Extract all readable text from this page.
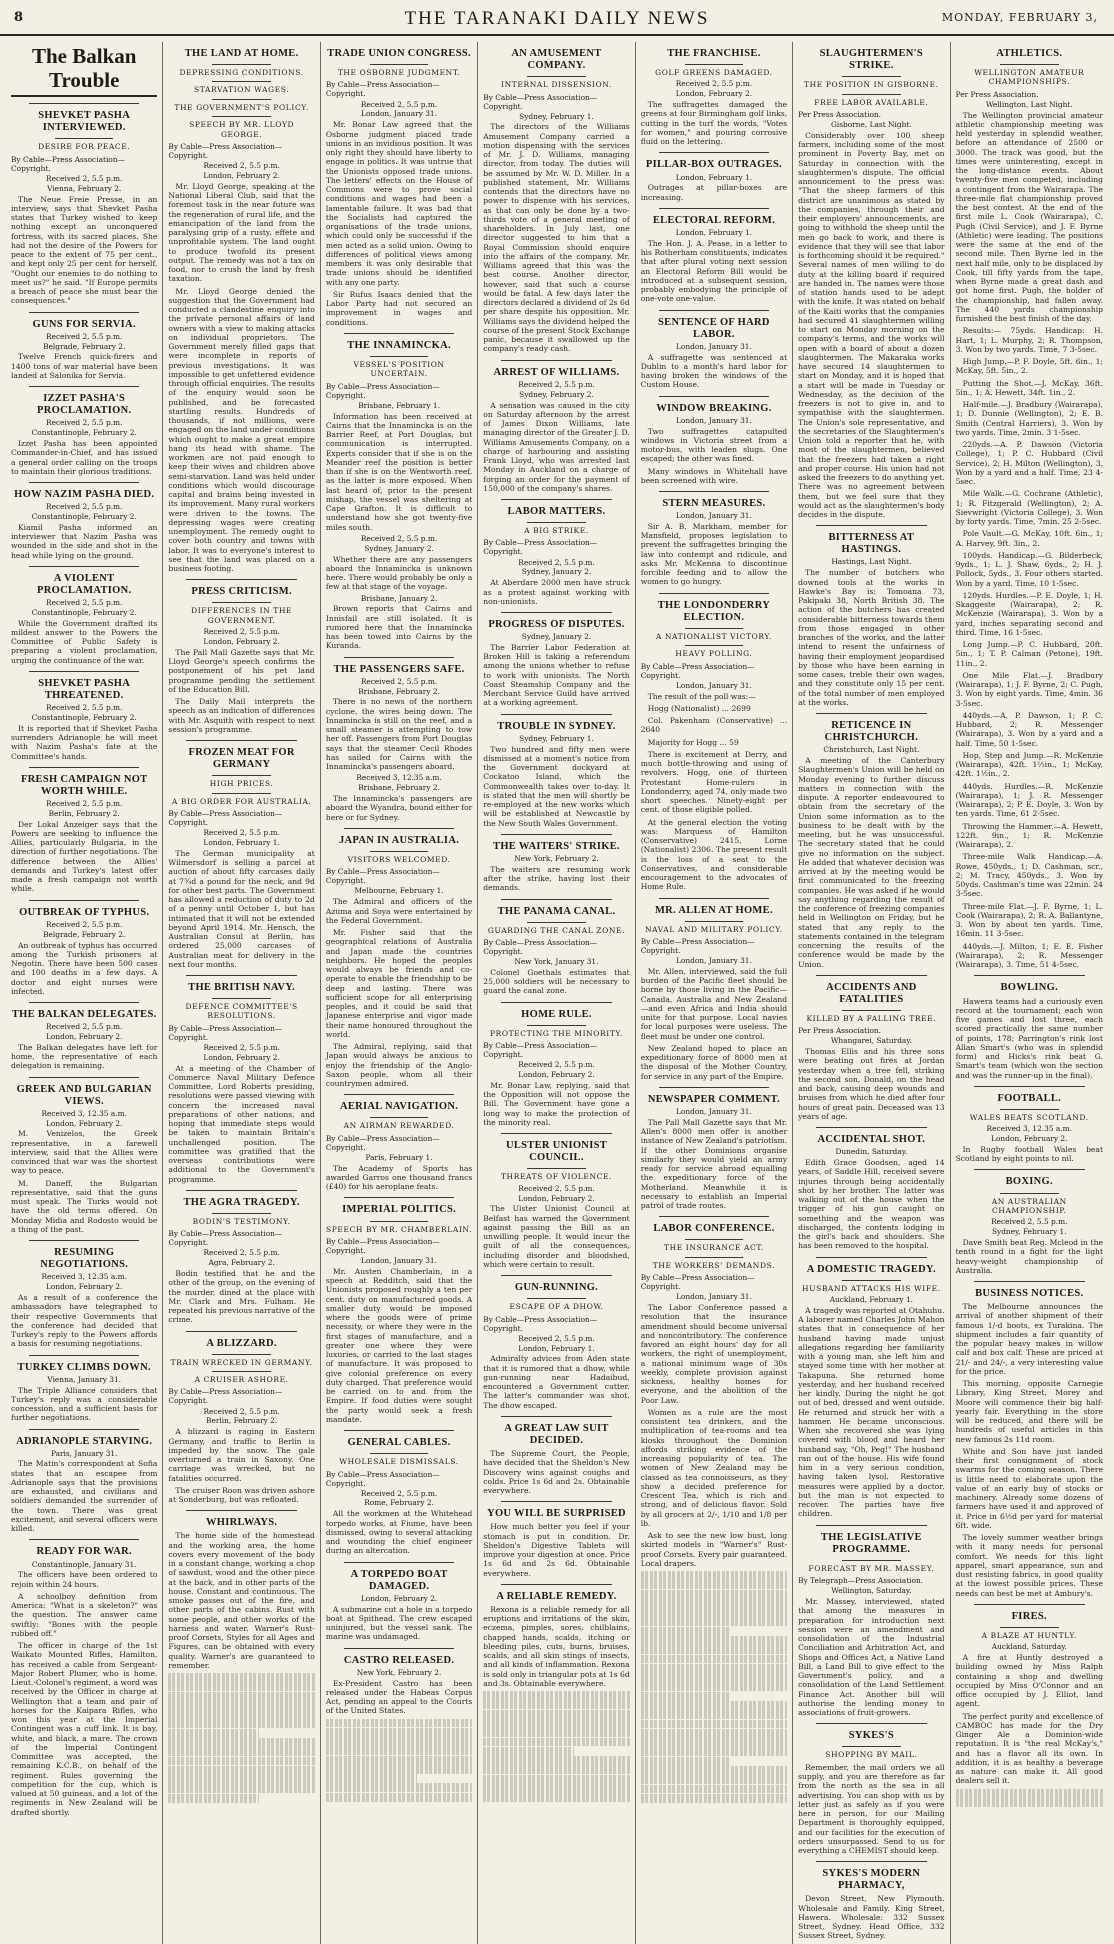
8	THE TARANAKI DAILY NEWS	MONDAY, FEBRUARY 3,
The Balkan Trouble
SHEVKET PASHA INTERVIEWED.
DESIRE FOR PEACE.
By Cable—Press Association—Copyright.
Received 2, 5.5 p.m.
Vienna, February 2.

The Neue Freie Presse, in an interview, says that Shevket Pasha states that Turkey wished to keep nothing except an unconquered fortress, with its sacred places. She had not the desire of the Powers for peace to the extent of 75 per cent., and kept only 25 per cent for herself. "Ought our enemies to do nothing to meet us?" he said. "If Europe permits a breach of peace she must bear the consequences."

GUNS FOR SERVIA.
Received 2, 5.5 p.m.
Belgrade, February 2.

Twelve French quick-firers and 1400 tons of war material have been landed at Salonika for Servia.

IZZET PASHA'S PROCLAMATION.
Received 2, 5.5 p.m.
Constantinople, February 2.

Izzet Pasha has been appointed Commander-in-Chief, and has issued a general order calling on the troops to maintain their glorious traditions.

HOW NAZIM PASHA DIED.
Received 2, 5.5 p.m.
Constantinople, February 2.

Kiamil Pasha informed an interviewer that Nazim Pasha was wounded in the side and shot in the head while lying on the ground.

A VIOLENT PROCLAMATION.
Received 2, 5.5 p.m.
Constantinople, February 2.

While the Government drafted its mildest answer to the Powers the Committee of Public Safety is preparing a violent proclamation, urging the continuance of the war.

SHEVKET PASHA THREATENED.
Received 2, 5.5 p.m.
Constantinople, February 2.

It is reported that if Shevket Pasha surrenders Adrianople he will meet with Nazim Pasha's fate at the Committee's hands.

FRESH CAMPAIGN NOT WORTH WHILE.
Received 2, 5.5 p.m.
Berlin, February 2.

Der Lokal Anzeiger says that the Powers are seeking to influence the Allies, particularly Bulgaria, in the direction of further negotiations. The difference between the Allies' demands and Turkey's latest offer made a fresh campaign not worth while.

OUTBREAK OF TYPHUS.
Received 2, 5.5 p.m.
Belgrade, February 2.

An outbreak of typhus has occurred among the Turkish prisoners at Negotin. There have been 500 cases and 100 deaths in a few days. A doctor and eight nurses were infected.

THE BALKAN DELEGATES.
Received 2, 5.5 p.m.
London, February 2.

The Balkan delegates have left for home, the representative of each delegation is remaining.

GREEK AND BULGARIAN VIEWS.
Received 3, 12.35 a.m.
London, February 2.

M. Venizelos, the Greek representative, in a farewell interview, said that the Allies were convinced that war was the shortest way to peace.

M. Daneff, the Bulgarian representative, said that the guns must speak. The Turks would not have the old terms offered. On Monday Midia and Rodosto would be a thing of the past.

RESUMING NEGOTIATIONS.
Received 3, 12.35 a.m.
London, February 2.

As a result of a conference the ambassadors have telegraphed to their respective Governments that the conference had decided that Turkey's reply to the Powers affords a basis for resuming negotiations.

TURKEY CLIMBS DOWN.
Vienna, January 31.

The Triple Alliance considers that Turkey's reply was a considerable concession, and a sufficient basis for further negotiations.

ADRIANOPLE STARVING.
Paris, January 31.

The Matin's correspondent at Sofia states that an escapee from Adrianople says that the provisions are exhausted, and civilians and soldiers demanded the surrender of the town. There was great excitement, and several officers were killed.

READY FOR WAR.
Constantinople, January 31.

The officers have been ordered to rejoin within 24 hours.

A schoolboy definition from America: "What is a skeleton?" was the question. The answer came swiftly: "Bones with the people rubbed off."

The officer in charge of the 1st Waikato Mounted Rifles, Hamilton, has received a cable from Sergeant-Major Robert Plumer, who is home. Lieut.-Colonel's regiment, a word was received by the Officer in charge at Wellington that a team and pair of horses for the Kaipara Rifles, who won this year at the Imperial Contingent was a cuff link. It is bay, white, and black, a mare. The crown of the Imperial Contingent Committee was accepted, the remaining K.C.B., on behalf of the regiment. Rules governing the competition for the cup, which is valued at 50 guineas, and a lot of the regiments in New Zealand will be drafted shortly.

THE LAND AT HOME.
DEPRESSING CONDITIONS.
STARVATION WAGES.
THE GOVERNMENT'S POLICY.
SPEECH BY MR. LLOYD GEORGE.
By Cable—Press Association—Copyright.
Received 2, 5.5 p.m.
London, February 2.

Mr. Lloyd George, speaking at the National Liberal Club, said that the foremost task in the near future was the regeneration of rural life, and the emancipation of the land from the paralysing grip of a rusty, effete and unprofitable system. The land ought to produce twofold its present output. The remedy was not a tax on food, nor to crush the land by fresh taxation.

Mr. Lloyd George denied the suggestion that the Government had conducted a clandestine enquiry into the private personal affairs of land owners with a view to making attacks on individual proprietors. The Government merely filled gaps that were incomplete in reports of previous investigations. It was impossible to get unfettered evidence through official enquiries. The results of the enquiry would soon be published, and be forecasted startling results. Hundreds of thousands, if not millions, were engaged on the land under conditions which ought to make a great empire hang its head with shame. The workmen are not paid enough to keep their wives and children above semi-starvation. Land was held under conditions which would discourage capital and brains being invested in its improvement. Many rural workers were driven to the towns. The depressing wages were creating unemployment. The remedy ought to cover both country and towns with labor. It was to everyone's interest to see that the land was placed on a business footing.

PRESS CRITICISM.
DIFFERENCES IN THE GOVERNMENT.
Received 2, 5.5 p.m.
London, February 2.

The Pall Mall Gazette says that Mr. Lloyd George's speech confirms the postponement of his pet land programme pending the settlement of the Education Bill.

The Daily Mail interprets the speech as an indication of differences with Mr. Asquith with respect to next session's programme.

FROZEN MEAT FOR GERMANY
HIGH PRICES.
A BIG ORDER FOR AUSTRALIA.
By Cable—Press Association—Copyright.
Received 2, 5.5 p.m.
London, February 1.

The German municipality at Wilmersdorf is selling a parcel at auction of about fifty carcases daily at 7¾d a pound for the neck, and 9d for other best parts. The Government has allowed a reduction of duty to 2d of a penny until October 1, but has intimated that it will not be extended beyond April 1914. Mr. Hensch, the Australian Consul at Berlin, has ordered 25,000 carcases of Australian meat for delivery in the next four months.

THE BRITISH NAVY.
DEFENCE COMMITTEE'S RESOLUTIONS.
By Cable—Press Association—Copyright.
Received 2, 5.5 p.m.
London, February 2.

At a meeting of the Chamber of Commerce Naval Military Defence Committee, Lord Roberts presiding, resolutions were passed viewing with concern the increased naval preparations of other nations, and hoping that immediate steps would be taken to maintain Britain's unchallenged position. The committee was gratified that the overseas contributions were additional to the Government's programme.

THE AGRA TRAGEDY.
BODIN'S TESTIMONY.
By Cable—Press Association—Copyright.
Received 2, 5.5 p.m.
Agra, February 2.

Bodin testified that he and the other of the group, on the evening of the murder, dined at the place with Mr. Clark and Mrs. Fulham. He repeated his previous narrative of the crime.

A BLIZZARD.
TRAIN WRECKED IN GERMANY.
A CRUISER ASHORE.
By Cable—Press Association—Copyright.
Received 2, 5.5 p.m.
Berlin, February 2.

A blizzard is raging in Eastern Germany, and traffic to Berlin is impeded by the snow. The gale overturned a train in Saxony. One carriage was wrecked, but no fatalities occurred.

The cruiser Roon was driven ashore at Sonderburg, but was refloated.

WHIRLWAYS.

The home side of the homestead and the working area, the home covers every movement of the body in a constant change, working a chop of sawdust, wood and the other piece at the back, and in other parts of the house. Constant and continuous. The smoke passes out of the fire, and other parts of the cabins. Rust with some people, and other works of the harness and water. Warner's Rust-proof Corsets, Styles for all Ages and Figures, can be obtained with every quality. Warner's are guaranteed to remember.

TRADE UNION CONGRESS.
THE OSBORNE JUDGMENT.
By Cable—Press Association—Copyright.
Received 2, 5.5 p.m.
London, January 31.

Mr. Bonar Law agreed that the Osborne judgment placed trade unions in an invidious position. It was only right they should have liberty to engage in politics. It was untrue that the Unionists opposed trade unions. The letters' effects on the House of Commons were to prove social conditions and wages had been a lamentable failure. It was bad that the Socialists had captured the organisations of the trade unions, which could only be successful if the men acted as a solid union. Owing to differences of political views among members it was only desirable that trade unions should be identified with any one party.

Sir Rufus Isaacs denied that the Labor Party had not secured an improvement in wages and conditions.

THE INNAMINCKA.
VESSEL'S POSITION UNCERTAIN.
By Cable—Press Association—Copyright.
Brisbane, February 1.

Information has been received at Cairns that the Innamincka is on the Barrier Reef, at Port Douglas, but communication is interrupted. Experts consider that if she is on the Meander reef the position is better than if she is on the Wentworth reef, as the latter is more exposed. When last heard of, prior to the present mishap, the vessel was sheltering at Cape Grafton. It is difficult to understand how she got twenty-five miles south.

Received 2, 5.5 p.m.
Sydney, January 2.

Whether there are any passengers aboard the Innamincka is unknown here. There would probably be only a few at that stage of the voyage.

Brisbane, January 2.

Brown reports that Cairns and Innisfail are still isolated. It is rumored here that the Innamincka has been towed into Cairns by the Kuranda.

THE PASSENGERS SAFE.
Received 2, 5.5 p.m.
Brisbane, February 2.

There is no news of the northern cyclone, the wires being down. The Innamincka is still on the reef, and a small steamer is attempting to tow her off. Passengers from Port Douglas says that the steamer Cecil Rhodes has sailed for Cairns with the Innamincka's passengers aboard.

Received 3, 12.35 a.m.
Brisbane, February 2.

The Innamincka's passengers are aboard the Wyandra, bound either for here or for Sydney.

JAPAN IN AUSTRALIA.
VISITORS WELCOMED.
By Cable—Press Association—Copyright.
Melbourne, February 1.

The Admiral and officers of the Azuma and Soya were entertained by the Federal Government.

Mr. Fisher said that the geographical relations of Australia and Japan made the countries neighbors. He hoped the peoples would always be friends and co-operate to enable the friendship to be deep and lasting. There was sufficient scope for all enterprising peoples, and it could be said that Japanese enterprise and vigor made their name honoured throughout the world.

The Admiral, replying, said that Japan would always be anxious to enjoy the friendship of the Anglo-Saxon people, whom all their countrymen admired.

AERIAL NAVIGATION.
AN AIRMAN REWARDED.
By Cable—Press Association—Copyright.
Paris, February 1.

The Academy of Sports has awarded Garros one thousand francs (£40) for his aeroplane feats.

IMPERIAL POLITICS.
SPEECH BY MR. CHAMBERLAIN.
By Cable—Press Association—Copyright.
London, January 31.

Mr. Austen Chamberlain, in a speech at Redditch, said that the Unionists proposed roughly a ten per cent. duty on manufactured goods. A smaller duty would be imposed where the goods were of prime necessity, or where they were in the first stages of manufacture, and a greater one where they were luxuries, or carried to the last stages of manufacture. It was proposed to give colonial preference on every duty charged. That preference would be carried on to and from the Empire. If food duties were sought the party would seek a fresh mandate.

GENERAL CABLES.
WHOLESALE DISMISSALS.
By Cable—Press Association—Copyright.
Received 2, 5.5 p.m.
Rome, February 2.

All the workmen at the Whitehead torpedo works, at Fiume, have been dismissed, owing to several attacking and wounding the chief engineer during an altercation.

A TORPEDO BOAT DAMAGED.
London, February 2.

A submarine cut a hole in a torpedo boat at Spithead. The crew escaped uninjured, but the vessel sank. The marine was undamaged.

CASTRO RELEASED.
New York, February 2.

Ex-President Castro has been released under the Habeas Corpus Act, pending an appeal to the Courts of the United States.

AN AMUSEMENT COMPANY.
INTERNAL DISSENSION.
By Cable—Press Association—Copyright.
Sydney, February 1.

The directors of the Williams Amusement Company carried a motion dispensing with the services of Mr. J. D. Williams, managing director, from today. The duties will be assumed by Mr. W. D. Miller. In a published statement, Mr. Williams contends that the directors have no power to dispense with his services, as that can only be done by a two-thirds vote of a general meeting of shareholders. In July last, one director suggested to him that a Royal Commission should enquire into the affairs of the company. Mr. Williams agreed that this was the best course. Another director, however, said that such a course would be fatal. A few days later the directors declared a dividend of 2s 6d per share despite his opposition. Mr. Williams says the dividend helped the course of the present Stock Exchange panic, because it swallowed up the company's ready cash.

ARREST OF WILLIAMS.
Received 2, 5.5 p.m.
Sydney, February 2.

A sensation was caused in the city on Saturday afternoon by the arrest of James Dixon Williams, late managing director of the Greater J. D. Williams Amusements Company, on a charge of harbouring and assisting Frank Lloyd, who was arrested last Monday in Auckland on a charge of forging an order for the payment of 150,000 of the company's shares.

LABOR MATTERS.
A BIG STRIKE.
By Cable—Press Association—Copyright.
Received 2, 5.5 p.m.
Sydney, January 2.

At Aberdare 2000 men have struck as a protest against working with non-unionists.

PROGRESS OF DISPUTES.
Sydney, January 2.

The Barrier Labor Federation at Broken Hill is taking a referendum among the unions whether to refuse to work with unionists. The North Coast Steamship Company and the Merchant Service Guild have arrived at a working agreement.

TROUBLE IN SYDNEY.
Sydney, February 1.

Two hundred and fifty men were dismissed at a moment's notice from the Government dockyard at Cockatoo Island, which the Commonwealth takes over to-day. It is stated that the men will shortly be re-employed at the new works which will be established at Newcastle by the New South Wales Government.

THE WAITERS' STRIKE.
New York, February 2.

The waiters are resuming work after the strike, having lost their demands.

THE PANAMA CANAL.
GUARDING THE CANAL ZONE.
By Cable—Press Association—Copyright.
New York, January 31.

Colonel Goethals estimates that 25,000 soldiers will be necessary to guard the canal zone.

HOME RULE.
PROTECTING THE MINORITY.
By Cable—Press Association—Copyright.
Received 2, 5.5 p.m.
London, February 2.

Mr. Bonar Law, replying, said that the Opposition will not oppose the Bill. The Government have gone a long way to make the protection of the minority real.

ULSTER UNIONIST COUNCIL.
THREATS OF VIOLENCE.
Received 2, 5.5 p.m.
London, February 2.

The Ulster Unionist Council at Belfast has warned the Government against passing the Bill as an unwilling people. It would incur the guilt of all the consequences, including disorder and bloodshed, which were certain to result.

GUN-RUNNING.
ESCAPE OF A DHOW.
By Cable—Press Association—Copyright.
Received 2, 5.5 p.m.
London, February 1.

Admiralty advices from Aden state that it is rumored that a dhow, while gun-running near Hadaibud, encountered a Government cutter. The latter's commander was shot. The dhow escaped.

A GREAT LAW SUIT DECIDED.

The Supreme Court, the People, have decided that the Sheldon's New Discovery wins against coughs and colds. Price 1s 6d and 2s. Obtainable everywhere.

YOU WILL BE SURPRISED

How much better you feel if your stomach is put in condition. Dr. Sheldon's Digestive Tablets will improve your digestion at once. Price 1s 6d and 2s 6d. Obtainable everywhere.

A RELIABLE REMEDY.

Rexona is a reliable remedy for all eruptions and irritations of the skin, eczema, pimples, sores, chilblains, chapped hands, scalds, itching or bleeding piles, cuts, burns, bruises, scalds, and all skin stings of insects, and all kinds of inflammation. Rexona is sold only in triangular pots at 1s 6d and 3s. Obtainable everywhere.

THE FRANCHISE.
GOLF GREENS DAMAGED.
Received 2, 5.5 p.m.
London, February 2.

The suffragettes damaged the greens at four Birmingham golf links, cutting in the turf the words, "Votes for women," and pouring corrosive fluid on the lettering.

PILLAR-BOX OUTRAGES.
London, February 1.

Outrages at pillar-boxes are increasing.

ELECTORAL REFORM.
London, February 1.

The Hon. J. A. Pease, in a letter to his Rotherham constituents, indicates that after plural voting next session an Electoral Reform Bill would be introduced at a subsequent session, probably embodying the principle of one-vote one-value.

SENTENCE OF HARD LABOR.
London, January 31.

A suffragette was sentenced at Dublin to a month's hard labor for having broken the windows of the Custom House.

WINDOW BREAKING.
London, January 31.

Two suffragettes catapulted windows in Victoria street from a motor-bus, with leaden slugs. One escaped; the other was fined.

Many windows in Whitehall have been screened with wire.

STERN MEASURES.
London, January 31.

Sir A. B. Markham, member for Mansfield, proposes legislation to prevent the suffragettes bringing the law into contempt and ridicule, and asks Mr. McKenna to discontinue forcible feeding and to allow the women to go hungry.

THE LONDONDERRY ELECTION.
A NATIONALIST VICTORY.
HEAVY POLLING.
By Cable—Press Association—Copyright.
London, January 31.

The result of the poll was:—

Hogg (Nationalist) ... 2699

Col. Pakenham (Conservative) ... 2640

Majority for Hogg ... 59

There is excitement at Derry, and much bottle-throwing and using of revolvers. Hogg, one of thirteen Protestant Home-rulers in Londonderry, aged 74, only made two short speeches. Ninety-eight per cent. of those eligible polled.

At the general election the voting was: Marquess of Hamilton (Conservative) 2415, Lorne (Nationalist) 2306. The present result is the loss of a seat to the Conservatives, and considerable encouragement to the advocates of Home Rule.

MR. ALLEN AT HOME.
NAVAL AND MILITARY POLICY.
By Cable—Press Association—Copyright.
London, January 31.

Mr. Allen, interviewed, said the full burden of the Pacific fleet should be borne by those living in the Pacific—Canada, Australia and New Zealand—and even Africa and India should unite for that purpose. Local navies for local purposes were useless. The fleet must be under one control.

New Zealand hoped to place an expeditionary force of 8000 men at the disposal of the Mother Country, for service in any part of the Empire.

NEWSPAPER COMMENT.
London, January 31.

The Pall Mall Gazette says that Mr. Allen's 8000 men offer is another instance of New Zealand's patriotism. If the other Dominions organise similarly they would yield an army ready for service abroad equalling the expeditionary force of the Motherland. Meanwhile it is necessary to establish an Imperial patrol of trade routes.

LABOR CONFERENCE.
THE INSURANCE ACT.
THE WORKERS' DEMANDS.
By Cable—Press Association—Copyright.
London, January 31.

The Labor Conference passed a resolution that the insurance amendment should become universal and noncontributory. The conference favored an eight hours' day for all workers, the right of unemployment, a national minimum wage of 30s weekly, complete provision against sickness, healthy homes for everyone, and the abolition of the Poor Law.

Women as a rule are the most consistent tea drinkers, and the multiplication of tea-rooms and tea kiosks throughout the Dominion affords striking evidence of the increasing popularity of tea. The women of New Zealand may be classed as tea connoisseurs, as they show a decided preference for Crescent Tea, which is rich and strong, and of delicious flavor. Sold by all grocers at 2/-, 1/10 and 1/8 per lb.

Ask to see the new low bust, long skirted models in "Warner's" Rust-proof Corsets. Every pair guaranteed. Local drapers.

SLAUGHTERMEN'S STRIKE.
THE POSITION IN GISBORNE.
FREE LABOR AVAILABLE.
Per Press Association.
Gisborne, Last Night.

Considerably over 100 sheep farmers, including some of the most prominent in Poverty Bay, met on Saturday in connection with the slaughtermen's dispute. The official announcement to the press was: "That the sheep farmers of this district are unanimous as stated by the companies, through their and their employers' announcements, are going to withhold the sheep until the men go back to work, and there is evidence that they will see that labor is forthcoming should it be required." Several names of men willing to do duty at the killing board if required are handed in. The names were those of station hands used to be adept with the knife. It was stated on behalf of the Kaiti works that the companies had secured 41 slaughtermen willing to start on Monday morning on the company's terms, and the works will open with a board of about a dozen slaughtermen. The Makaraka works have secured 14 slaughtermen to start on Monday, and it is hoped that a start will be made in Tuesday or Wednesday, as the decision of the freezers is not to give in, and to sympathise with the slaughtermen. The Union's sole representative, and the secretaries of the Slaughtermen's Union told a reporter that he, with most of the slaughtermen, believed that the freezers had taken a right and proper course. His union had not asked the freezers to do anything yet. There was no agreement between them, but we feel sure that they would act as the slaughtermen's body decides in the dispute.

BITTERNESS AT HASTINGS.
Hastings, Last Night.

The number of butchers who downed tools at the works in Hawke's Bay is: Tomoana 73, Pakipaki 38, North British 38. The action of the butchers has created considerable bitterness towards them from those engaged in other branches of the works, and the latter intend to resent the unfairness of having their employment jeopardised by those who have been earning in some cases, treble their own wages, and they constitute only 15 per cent. of the total number of men employed at the works.

RETICENCE IN CHRISTCHURCH.
Christchurch, Last Night.

A meeting of the Canterbury Slaughtermen's Union will be held on Monday evening to further discuss matters in connection with the dispute. A reporter endeavoured to obtain from the secretary of the Union some information as to the business to be dealt with by the meeting, but he was unsuccessful. The secretary stated that he could give no information on the subject. He added that whatever decision was arrived at by the meeting would be first communicated to the freezing companies. He was asked if he would say anything regarding the result of the conference of freezing companies held in Wellington on Friday, but he stated that any reply to the statements contained in the telegram concerning the results of the conference would be made by the Union.

ACCIDENTS AND FATALITIES
KILLED BY A FALLING TREE.
Per Press Association.
Whangarei, Saturday.

Thomas Ellis and his three sons were beating out fires at Jordan yesterday when a tree fell, striking the second son, Donald, on the head and back, causing deep wounds and bruises from which he died after four hours of great pain. Deceased was 13 years of age.

ACCIDENTAL SHOT.
Dunedin, Saturday.

Edith Grace Goodsen, aged 14 years, of Saddle Hill, received severe injuries through being accidentally shot by her brother. The latter was walking out of the house when the trigger of his gun caught on something and the weapon was discharged, the contents lodging in the girl's back and shoulders. She has been removed to the hospital.

A DOMESTIC TRAGEDY.
HUSBAND ATTACKS HIS WIFE.
Auckland, February 1.

A tragedy was reported at Otahuhu. A laborer named Charles John Mahon states that in consequence of her husband having made unjust allegations regarding her familiarity with a young man, she left him and stayed some time with her mother at Takapuna. She returned home yesterday, and her husband received her kindly. During the night he got out of bed, dressed and went outside. He returned and struck her with a hammer. He became unconscious. When she recovered she was lying covered with blood and heard her husband say, "Oh, Peg!" The husband ran out of the house. His wife found him in a very serious condition, having taken lysol. Restorative measures were applied by a doctor, but the man is not expected to recover. The parties have five children.

THE LEGISLATIVE PROGRAMME.
FORECAST BY MR. MASSEY.
By Telegraph—Press Association.
Wellington, Saturday.

Mr. Massey, interviewed, stated that among the measures in preparation for introduction next session were an amendment and consolidation of the Industrial Conciliation and Arbitration Act, and Shops and Offices Act, a Native Land Bill, a Land Bill to give effect to the Government's policy, and a consolidation of the Land Settlement Finance Act. Another bill will authorise the lending money to associations of fruit-growers.

SYKES'S
SHOPPING BY MAIL.

Remember, the mail orders we all supply, and you are therefore as far from the north as the sea in all advertising. You can shop with us by letter just as safely as if you were here in person, for our Mailing Department is thoroughly equipped, and our facilities for the execution of orders unsurpassed. Send to us for everything a CHEMIST should keep.

SYKES'S MODERN PHARMACY,

Devon Street, New Plymouth. Wholesale and Family. King Street, Hawera. Wholesale: 332 Sussex Street, Sydney. Head Office, 332 Sussex Street, Sydney.

ATHLETICS.
WELLINGTON AMATEUR CHAMPIONSHIPS.
Per Press Association.
Wellington, Last Night.

The Wellington provincial amateur athletic championship meeting was held yesterday in splendid weather, before an attendance of 2500 or 3000. The track was good, but the times were uninteresting, except in the long-distance events. About twenty-five men competed, including a contingent from the Wairarapa. The three-mile flat championship proved the best contest. At the end of the first mile L. Cook (Wairarapa), C. Pugh (Civil Service), and J. F. Byrne (Athletic) were leading. The positions were the same at the end of the second mile. Then Byrne led in the next half mile, only to be displaced by Cook, till fifty yards from the tape, when Byrne made a great dash and got home first. Pugh, the holder of the championship, had fallen away. The 440 yards championship furnished the best finish of the day.

Results:— 75yds. Handicap: H. Hart, 1; L. Murphy, 2; R. Thompson, 3. Won by two yards. Time, 7 3-5sec.

High Jump.—P. F. Doyle, 5ft. 6in., 1; McKay, 5ft. 5in., 2.

Putting the Shot.—J. McKay, 36ft. 5in., 1; A. Hewett, 34ft. 1in., 2.

Half-mile.—J. Bradbury (Wairarapa), 1; D. Dunnie (Wellington), 2; E. B. Smith (Central Harriers), 3. Won by two yards. Time, 2min. 3 1-5sec.

220yds.—A. P. Dawson (Victoria College), 1; P. C. Hubbard (Civil Service), 2; H. Milton (Wellington), 3. Won by a yard and a half. Time, 23 4-5sec.

Mile Walk.—G. Cochrane (Athletic), 1; R. Fitzgerald (Wellington), 2; A. Sievwright (Victoria College), 3. Won by forty yards. Time, 7min. 25 2-5sec.

Pole Vault.—G. McKay, 10ft. 6in., 1; A. Harvey, 9ft. 3in., 2.

100yds. Handicap.—G. Bilderbeck, 9yds., 1; L. J. Shaw, 6yds., 2; H. J. Pollock, 5yds., 3. Four others started. Won by a yard. Time, 10 1-5sec.

120yds. Hurdles.—P. E. Doyle, 1; H. Skaggeste (Wairarapa), 2; R. McKenzie (Wairarapa), 3. Won by a yard, inches separating second and third. Time, 16 1-5sec.

Long Jump.—P. C. Hubbard, 20ft. 5in., 1; T. P. Calman (Petone), 19ft. 11in., 2.

One Mile Flat.—J. Bradbury (Wairarapa), 1; J. F. Byrne, 2; C. Pugh, 3. Won by eight yards. Time, 4min. 36 3-5sec.

440yds.—A. P. Dawson, 1; P. C. Hubbard, 2; R. Messenger (Wairarapa), 3. Won by a yard and a half. Time, 50 1-5sec.

Hop, Step and Jump.—R. McKenzie (Wairarapa), 42ft. 1½in., 1; McKay, 42ft. 1½in., 2.

440yds. Hurdles.—R. McKenzie (Wairarapa), 1; J. R. Messenger (Wairarapa), 2; P. E. Doyle, 3. Won by ten yards. Time, 61 2-5sec.

Throwing the Hammer.—A. Hewett, 122ft. 9in., 1; R. McKenzie (Wairarapa), 2.

Three-mile Walk Handicap.—A. Rowe, 450yds., 1; D. Cashman, scr., 2; M. Tracy, 450yds., 3. Won by 50yds. Cashman's time was 22min. 24 3-5sec.

Three-mile Flat.—J. F. Byrne, 1; L. Cook (Wairarapa), 2; R. A. Ballantyne, 3. Won by about ten yards. Time, 16min. 11 3-5sec.

440yds.—J. Milton, 1; E. E. Fisher (Wairarapa), 2; R. Messenger (Wairarapa), 3. Time, 51 4-5sec.

BOWLING.

Hawera teams had a curiously even record at the tournament; each won five games and lost three, each scored practically the same number of points, 178; Parrington's rink lost Allan Smart's (who was in splendid form) and Hicks's rink beat G. Smart's team (which won the section and was the runner-up in the final).

FOOTBALL.
WALES BEATS SCOTLAND.
Received 3, 12.35 a.m.
London, February 2.

In Rugby football Wales beat Scotland by eight points to nil.

BOXING.
AN AUSTRALIAN CHAMPIONSHIP.
Received 2, 5.5 p.m.
Sydney, February 1.

Dave Smith beat Reg. Mcleod in the tenth round in a fight for the light heavy-weight championship of Australia.

BUSINESS NOTICES.

The Melbourne announces the arrival of another shipment of their famous 1/-d boots, ex Turakina. The shipment includes a fair quantity of the popular heavy makes in willow calf and box calf. These are priced at 21/- and 24/-, a very interesting value for the price.

This morning, opposite Carnegie Library, King Street, Morey and Moore will commence their big half-yearly fair. Everything in the store will be reduced, and there will be hundreds of useful articles in this new famous 2s 11d room.

White and Son have just landed their first consignment of stock swarms for the coming season. There is little need to elaborate upon the value of an early buy of stocks or machinery. Already some dozens of farmers have used it and approved of it. Price in 6½d per yard for material 6ft. wide.

The lovely summer weather brings with it many needs for personal comfort. We needs for this light apparel, smart appearance, sun and dust resisting fabrics, in good quality at the lowest possible prices. These needs can best be met at Ambury's.

FIRES.
A BLAZE AT HUNTLY.
Auckland, Saturday.

A fire at Huntly destroyed a building owned by Miss Ralph containing a shop and dwelling occupied by Miss O'Connor and an office occupied by J. Elliot, land agent.

The perfect purity and excellence of CAMBOC has made for the Dry Ginger Ale a Dominion-wide reputation. It is "the real McKay's," and has a flavor all its own. In addition, it is as healthy a beverage as nature can make it. All good dealers sell it.
